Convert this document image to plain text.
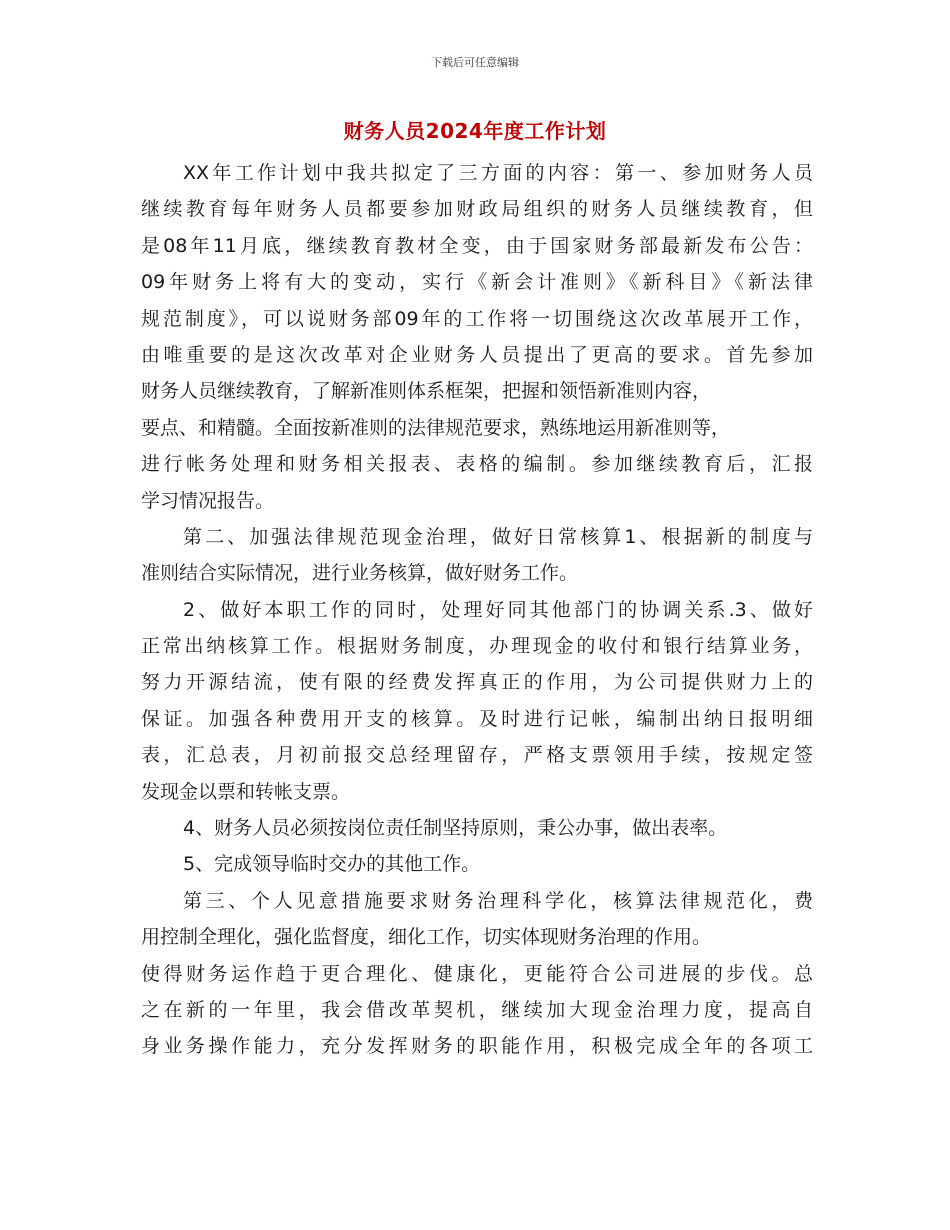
下载后可任意编辑
财务人员2024年度工作计划
XX年工作计划中我共拟定了三方面的内容：第一、参加财务人员
继续教育每年财务人员都要参加财政局组织的财务人员继续教育，但
是08年11月底，继续教育教材全变，由于国家财务部最新发布公告：
09年财务上将有大的变动，实行《新会计准则》《新科目》《新法律
规范制度》，可以说财务部09年的工作将一切围绕这次改革展开工作，
由唯重要的是这次改革对企业财务人员提出了更高的要求。首先参加
财务人员继续教育，了解新准则体系框架，把握和领悟新准则内容，
要点、和精髓。全面按新准则的法律规范要求，熟练地运用新准则等，
进行帐务处理和财务相关报表、表格的编制。参加继续教育后，汇报
学习情况报告。
第二、加强法律规范现金治理，做好日常核算1、根据新的制度与
准则结合实际情况，进行业务核算，做好财务工作。
2、做好本职工作的同时，处理好同其他部门的协调关系.3、做好
正常出纳核算工作。根据财务制度，办理现金的收付和银行结算业务，
努力开源结流，使有限的经费发挥真正的作用，为公司提供财力上的
保证。加强各种费用开支的核算。及时进行记帐，编制出纳日报明细
表，汇总表，月初前报交总经理留存，严格支票领用手续，按规定签
发现金以票和转帐支票。
4、财务人员必须按岗位责任制坚持原则，秉公办事，做出表率。
5、完成领导临时交办的其他工作。
第三、个人见意措施要求财务治理科学化，核算法律规范化，费
用控制全理化，强化监督度，细化工作，切实体现财务治理的作用。
使得财务运作趋于更合理化、健康化，更能符合公司进展的步伐。总
之在新的一年里，我会借改革契机，继续加大现金治理力度，提高自
身业务操作能力，充分发挥财务的职能作用，积极完成全年的各项工
